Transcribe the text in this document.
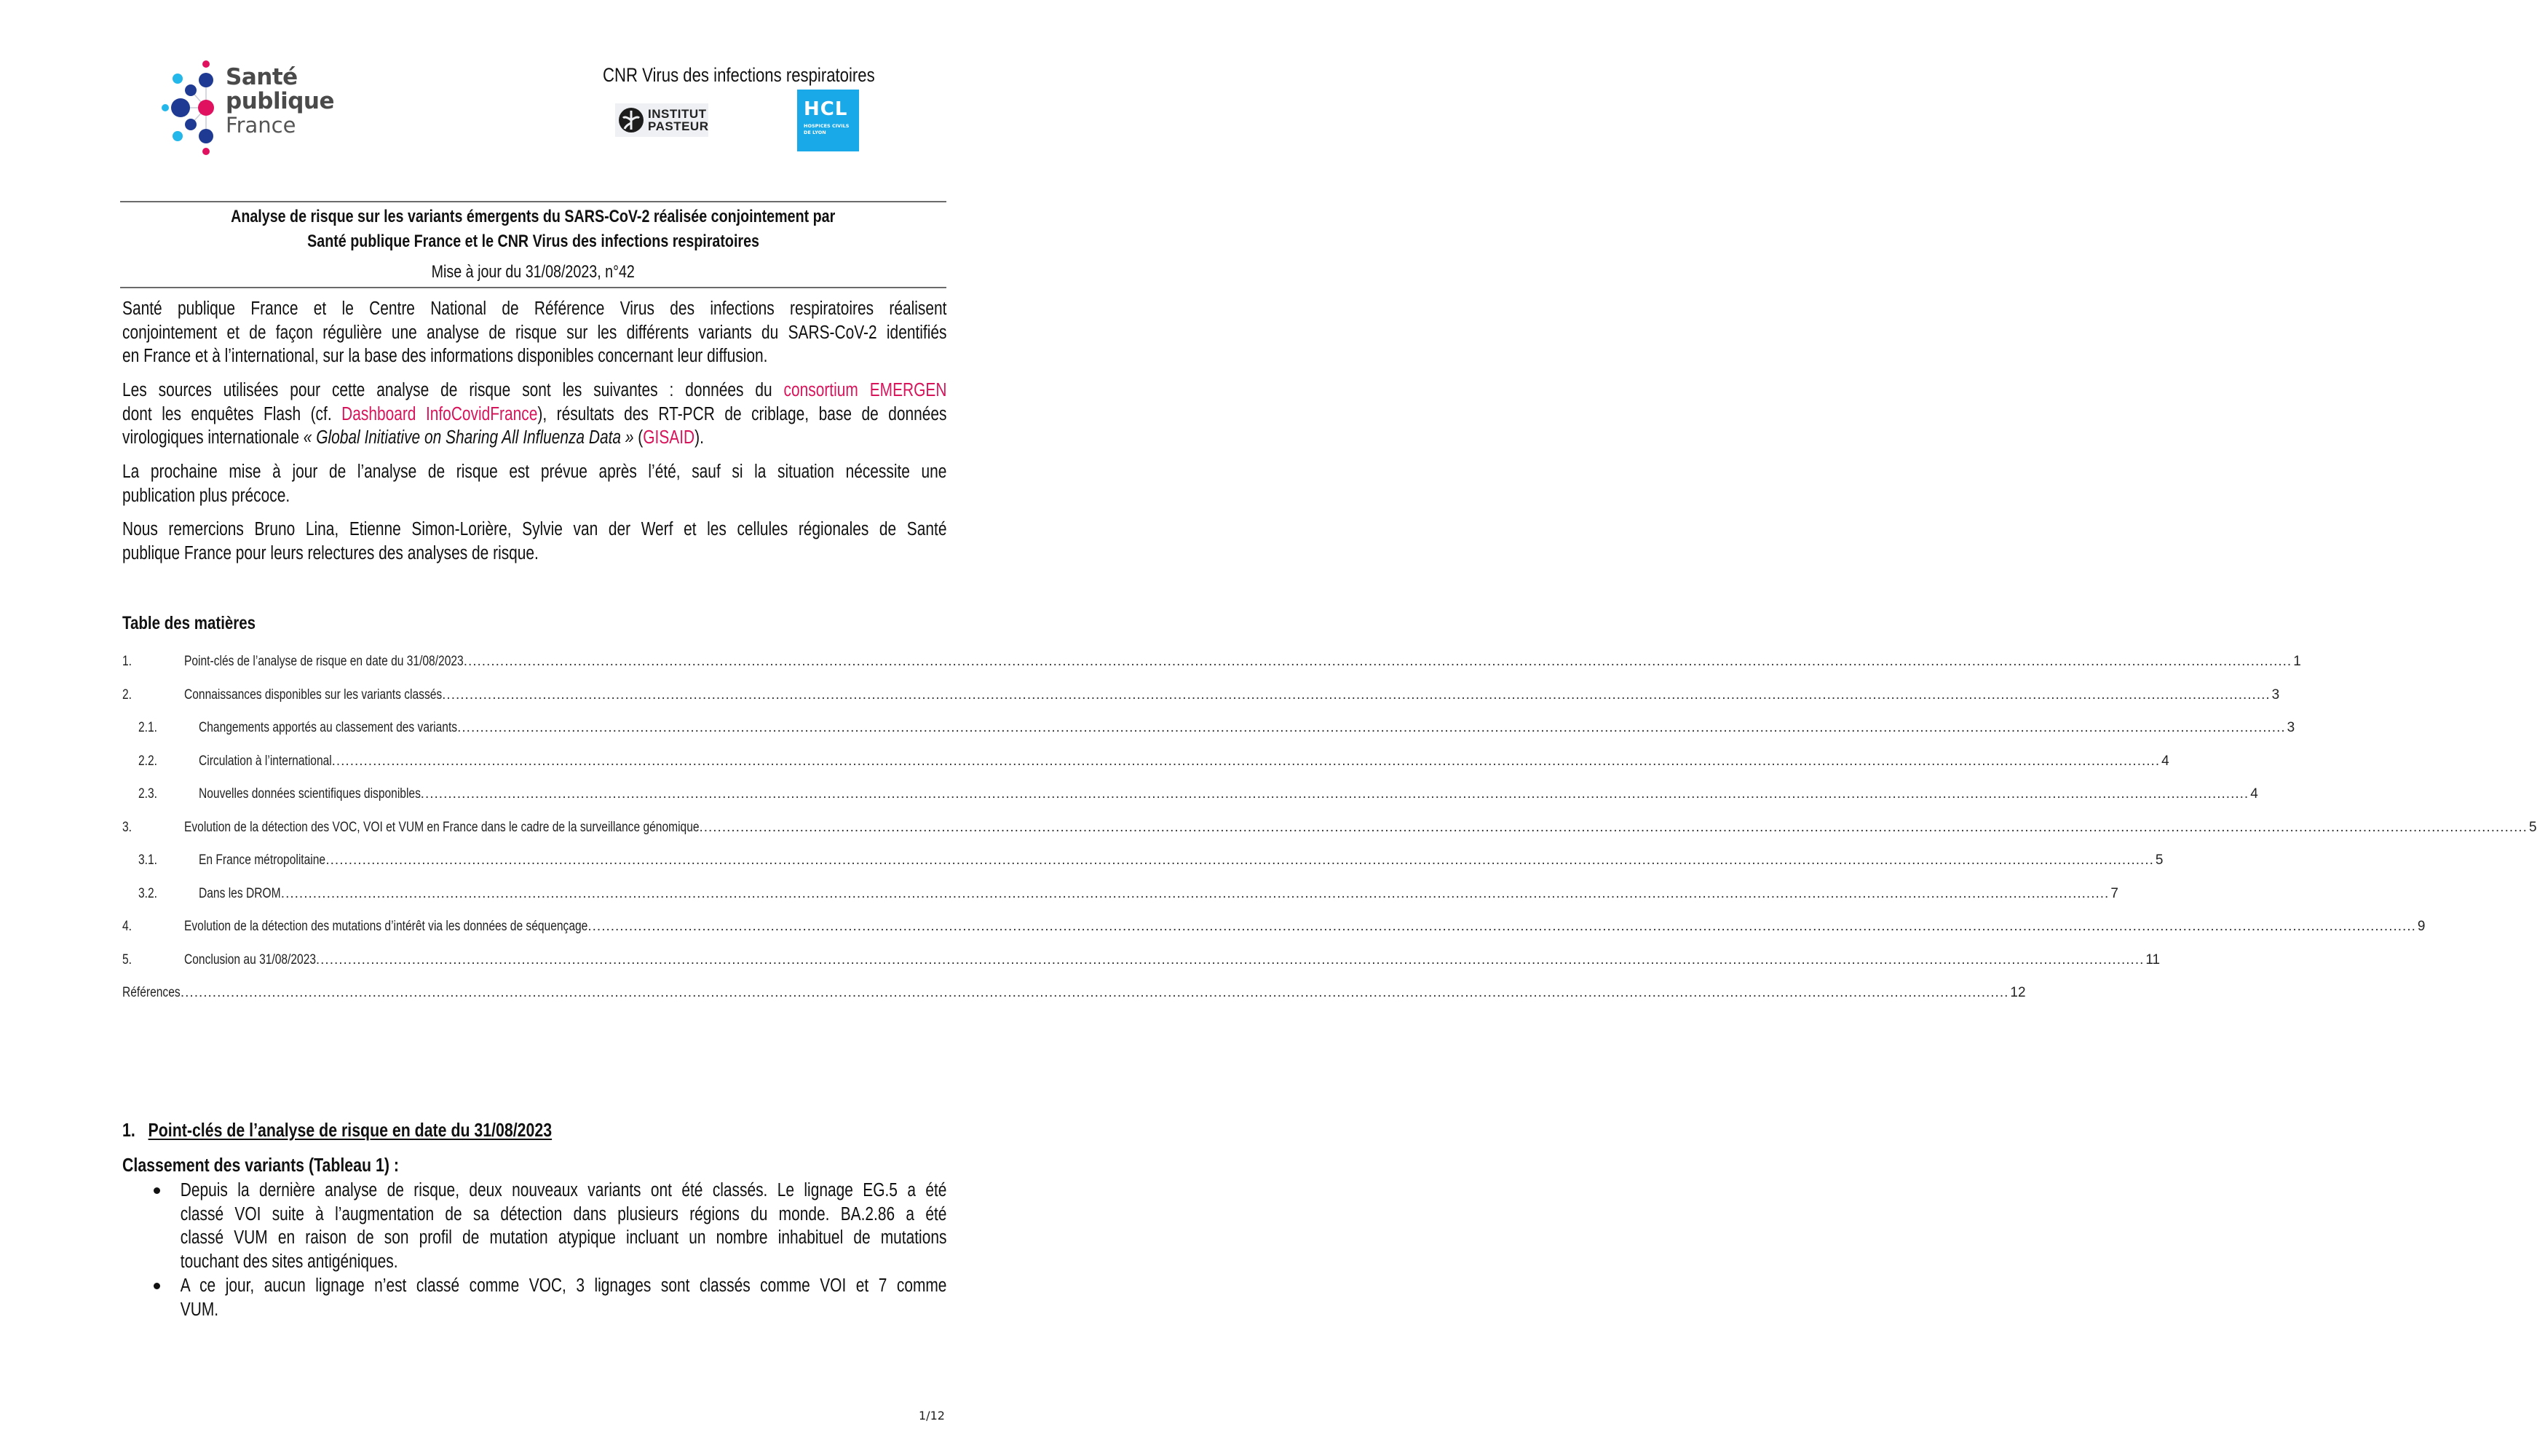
Santé
publique
France
CNR Virus des infections respiratoires
INSTITUT
PASTEUR
HCL
HOSPICES CIVILS
DE LYON
Analyse de risque sur les variants émergents du SARS-CoV-2 réalisée conjointement par
Santé publique France et le CNR Virus des infections respiratoires
Mise à jour du 31/08/2023, n°42
Santé publique France et le Centre National de Référence Virus des infections respiratoires réalisent
conjointement et de façon régulière une analyse de risque sur les différents variants du SARS-CoV-2 identifiés
en France et à l’international, sur la base des informations disponibles concernant leur diffusion.
Les sources utilisées pour cette analyse de risque sont les suivantes : données du consortium EMERGEN
dont les enquêtes Flash (cf. Dashboard InfoCovidFrance), résultats des RT-PCR de criblage, base de données
virologiques internationale « Global Initiative on Sharing All Influenza Data » (GISAID).
La prochaine mise à jour de l’analyse de risque est prévue après l’été, sauf si la situation nécessite une
publication plus précoce.
Nous remercions Bruno Lina, Etienne Simon-Lorière, Sylvie van der Werf et les cellules régionales de Santé
publique France pour leurs relectures des analyses de risque.
Table des matières
1.	Point-clés de l’analyse de risque en date du 31/08/2023 ................................................................................................................................................................................................................................................................................................................................................................................................................ 1
2.	Connaissances disponibles sur les variants classés ................................................................................................................................................................................................................................................................................................................................................................................................................ 3
2.1.	Changements apportés au classement des variants ................................................................................................................................................................................................................................................................................................................................................................................................................ 3
2.2.	Circulation à l’international ................................................................................................................................................................................................................................................................................................................................................................................................................ 4
2.3.	Nouvelles données scientifiques disponibles ................................................................................................................................................................................................................................................................................................................................................................................................................ 4
3.	Evolution de la détection des VOC, VOI et VUM en France dans le cadre de la surveillance génomique ................................................................................................................................................................................................................................................................................................................................................................................................................ 5
3.1.	En France métropolitaine ................................................................................................................................................................................................................................................................................................................................................................................................................ 5
3.2.	Dans les DROM ................................................................................................................................................................................................................................................................................................................................................................................................................ 7
4.	Evolution de la détection des mutations d’intérêt via les données de séquençage ................................................................................................................................................................................................................................................................................................................................................................................................................ 9
5.	Conclusion au 31/08/2023 ................................................................................................................................................................................................................................................................................................................................................................................................................ 11
Références ................................................................................................................................................................................................................................................................................................................................................................................................................ 12
1. Point-clés de l’analyse de risque en date du 31/08/2023
Classement des variants (Tableau 1) :
Depuis la dernière analyse de risque, deux nouveaux variants ont été classés. Le lignage EG.5 a été
classé VOI suite à l’augmentation de sa détection dans plusieurs régions du monde. BA.2.86 a été
classé VUM en raison de son profil de mutation atypique incluant un nombre inhabituel de mutations
touchant des sites antigéniques.
A ce jour, aucun lignage n’est classé comme VOC, 3 lignages sont classés comme VOI et 7 comme
VUM.
1/12
